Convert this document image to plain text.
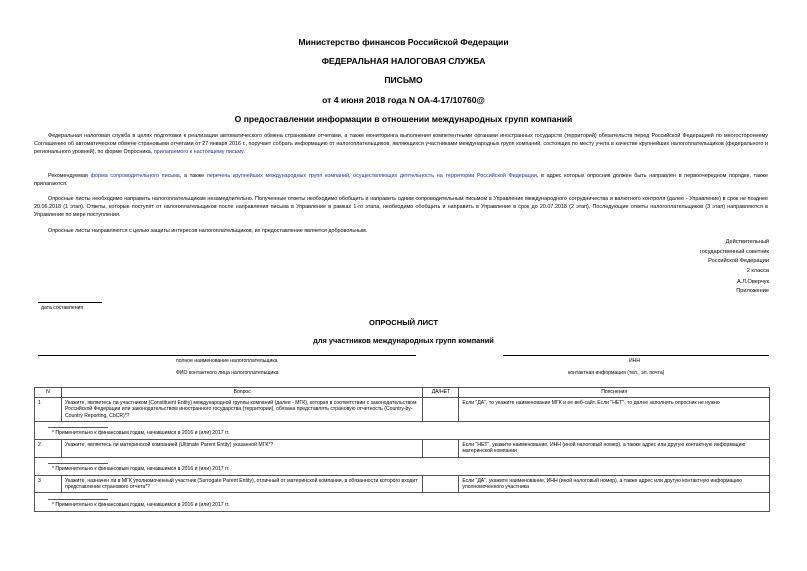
Министерство финансов Российской Федерации
ФЕДЕРАЛЬНАЯ НАЛОГОВАЯ СЛУЖБА
ПИСЬМО
от 4 июня 2018 года N ОА-4-17/10760@
О предоставлении информации в отношении международных групп компаний
Федеральная налоговая служба в целях подготовки к реализации автоматического обмена страновыми отчетами, а также мониторинга выполнения компетентными органами иностранных государств (территорий) обязательств перед Российской Федерацией по многостороннему Соглашению об автоматическом обмене страновыми отчетами от 27 января 2016 г., поручает собрать информацию от налогоплательщиков, являющихся участниками международных групп компаний, состоящих по месту учета в качестве крупнейших налогоплательщиков (федерального и регионального уровней), по форме Опросника, прилагаемого к настоящему письму.
Рекомендуемая форма сопроводительного письма, а также перечень крупнейших международных групп компаний, осуществляющих деятельность на территории Российской Федерации, в адрес которых опросник должен быть направлен в первоочередном порядке, также прилагаются.
Опросные листы необходимо направить налогоплательщикам незамедлительно. Полученные ответы необходимо обобщить и направить одним сопроводительным письмом в Управление международного сотрудничества и валютного контроля (далее - Управление) в срок не позднее 20.06.2018 (1 этап). Ответы, которые поступят от налогоплательщиков после направления письма в Управление в рамках 1-го этапа, необходимо обобщить и направить в Управление в срок до 20.07.2018 (2 этап). Последующие ответы налогоплательщиков (3 этап) направляются в Управление по мере поступления.
Опросные листы направляются с целью защиты интересов налогоплательщиков, их предоставление является добровольным.
Действительный
государственный советник
Российской Федерации
2 класса
А.Л.Оверчук
Приложение
дата составления
ОПРОСНЫЙ ЛИСТ
для участников международных групп компаний
полное наименование налогоплательщика	ИНН
ФИО контактного лица налогоплательщика	контактная информация (тел., эл. почта)
N	Вопрос	ДА/НЕТ	Пояснения
1	Укажите, являетесь ли участником (Constituent Entity) международной группы компаний (далее - МГК), которая в соответствии с законодательством Российской Федерации или законодательством иностранного государства (территории), обязана представлять страновую отчетность (Country-by-Country Reporting, CbCR)*?		Если "ДА", то укажите наименование МГК и ее веб-сайт. Если "НЕТ", то далее заполнять опросник не нужно

* Применительно к финансовым годам, начавшимся в 2016 и (или) 2017 гг.			

2	Укажите, являетесь ли материнской компанией (Ultimate Parent Entity) указанной МГК*?		Если "НЕТ", укажите наименование, ИНН (иной налоговый номер), а также адрес или другую контактную информацию материнской компании

* Применительно к финансовым годам, начавшимся в 2016 и (или) 2017 гг.			

3	Укажите, назначен ли в МГК уполномоченный участник (Surrogate Parent Entity), отличный от материнской компании, в обязанности которого входит представление странового отчета*?		Если "ДА", укажите наименование, ИНН (иной налоговый номер), а также адрес или другую контактную информацию уполномоченного участника

* Применительно к финансовым годам, начавшимся в 2016 и (или) 2017 гг.			
